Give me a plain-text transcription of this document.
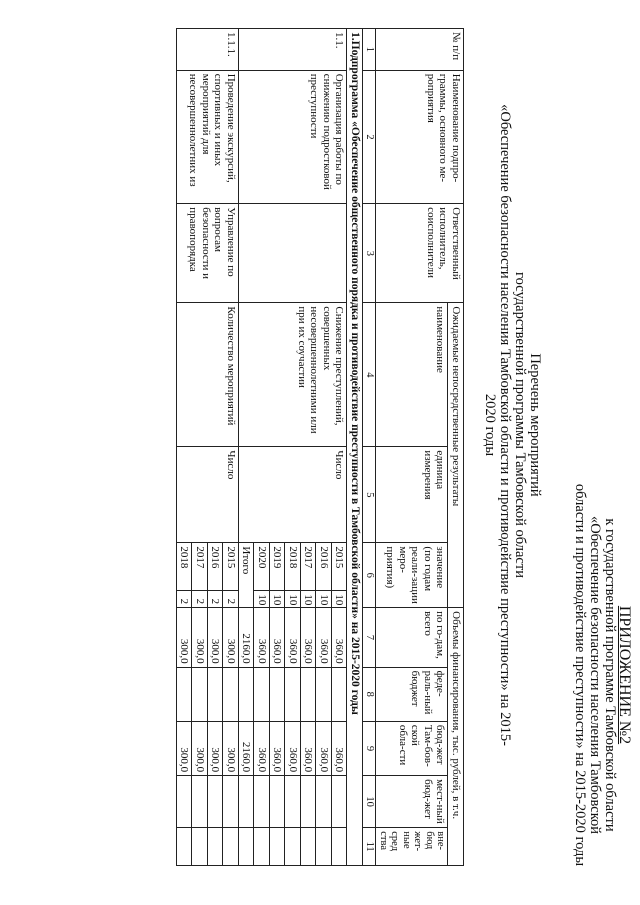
ПРИЛОЖЕНИЕ №2
к государственной программе Тамбовской области
«Обеспечение безопасности населения Тамбовской
области и противодействие преступности» на 2015-2020 годы
Перечень мероприятий
государственной программы Тамбовской области
«Обеспечение безопасности населения Тамбовской области и противодействие преступности» на 2015-2020 годы
№ п/п	Наименование подпро-граммы, основного ме-роприятия	Ответственный исполнитель, соисполнители	Ожидаемые непосредственные результаты				Объемы финансирования, тыс. рублей, в т.ч.				
			наименование	единица измерения	значение (по годам реали-зации меро-приятия)		по го-дам, всего	феде-раль-ный бюджет	бюд-жет Там-бов-ской обла-сти	мест-ный бюд-жет	вне-бюд жет-ные сред ства
1	2	3	4	5	6		7	8	9	10	11
1.Подпрограмма «Обеспечение общественного порядка и противодействие преступности в Тамбовской области» на 2015-2020 годы											
1.1.	Организация работы по снижению подростковой преступности		Снижение преступлений, совершенных несовершеннолетними или при их соучастии	Число	2015	10	360,0		360,0		
					2016	10	360,0		360,0		
					2017	10	360,0		360,0		
					2018	10	360,0		360,0		
					2019	10	360,0		360,0		
					2020	10	360,0		360,0		
					Итого		2160,0		2160,0		
1.1.1.	Проведение экскурсий, спортивных и иных мероприятий для несовершеннолетних из	Управление по вопросам безопасности и правопорядка	Количество мероприятий	Число	2015	2	300,0		300,0		
					2016	2	300,0		300,0		
					2017	2	300,0		300,0		
					2018	2	300,0		300,0		
